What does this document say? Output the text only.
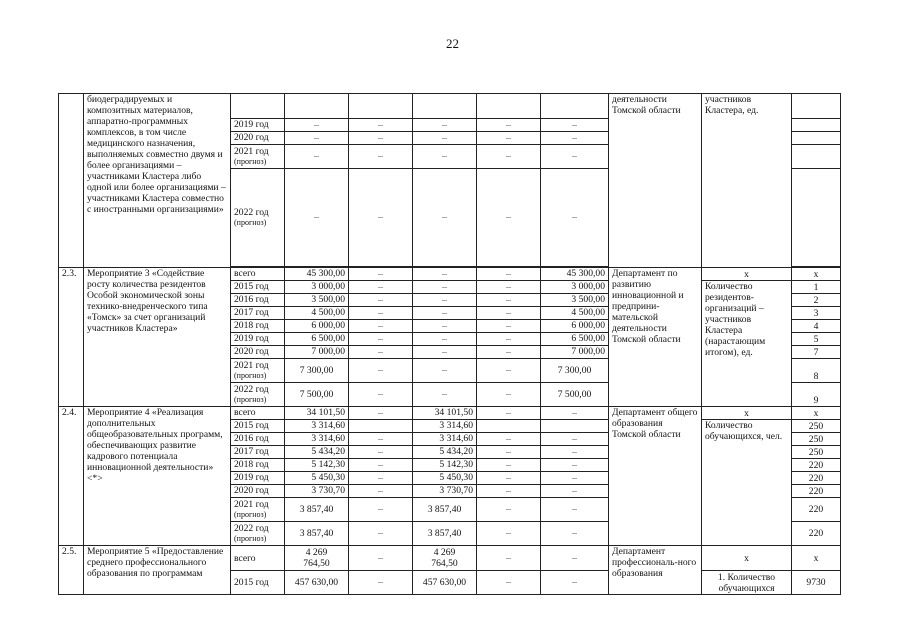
22
	биодеградируемых и композитных материалов, аппаратно-программных комплексов, в том числе медицинского назначения, выполняемых совместно двумя и более организациями – участниками Кластера либо одной или более организациями – участниками Кластера совместно с иностранными организациями»							деятельности Томской области	участников Кластера, ед.	
		2019 год	–	–	–	–	–			
		2020 год	–	–	–	–	–			
		2021 год
(прогноз)	–	–	–	–	–			
		2022 год
(прогноз)	–	–	–	–	–			

2.3.	Мероприятие 3 «Содействие росту количества резидентов Особой экономической зоны технико-внедренческого типа «Томск» за счет организаций участников Кластера»	всего	45 300,00	–	–	–	45 300,00	Департамент по развитию инновационной и предприни-мательской деятельности Томской области	x	x
		2015 год	3 000,00	–	–	–	3 000,00		Количество резидентов-организаций – участников Кластера (нарастающим итогом), ед.	1
		2016 год	3 500,00	–	–	–	3 500,00			2
		2017 год	4 500,00	–	–	–	4 500,00			3
		2018 год	6 000,00	–	–	–	6 000,00			4
		2019 год	6 500,00	–	–	–	6 500,00			5
		2020 год	7 000,00	–	–	–	7 000,00			7
		2021 год
(прогноз)	7 300,00	–	–	–	7 300,00			8
		2022 год
(прогноз)	7 500,00	–	–	–	7 500,00			9
2.4.	Мероприятие 4 «Реализация дополнительных общеобразовательных программ, обеспечивающих развитие кадрового потенциала инновационной деятельности» <*>	всего	34 101,50	–	34 101,50	–	–	Департамент общего образования Томской области	x	x
		2015 год	3 314,60		3 314,60				Количество обучающихся, чел.	250
		2016 год	3 314,60	–	3 314,60	–	–			250
		2017 год	5 434,20	–	5 434,20	–	–			250
		2018 год	5 142,30	–	5 142,30	–	–			220
		2019 год	5 450,30	–	5 450,30	–	–			220
		2020 год	3 730,70	–	3 730,70	–	–			220
		2021 год
(прогноз)	3 857,40	–	3 857,40	–	–			220
		2022 год
(прогноз)	3 857,40	–	3 857,40	–	–			220
2.5.	Мероприятие 5 «Предоставление среднего профессионального образования по программам	всего	4 269
764,50	–	4 269
764,50	–	–	Департамент профессиональ-ного образования	x	x
		2015 год	457 630,00	–	457 630,00	–	–		1. Количество обучающихся	9730
